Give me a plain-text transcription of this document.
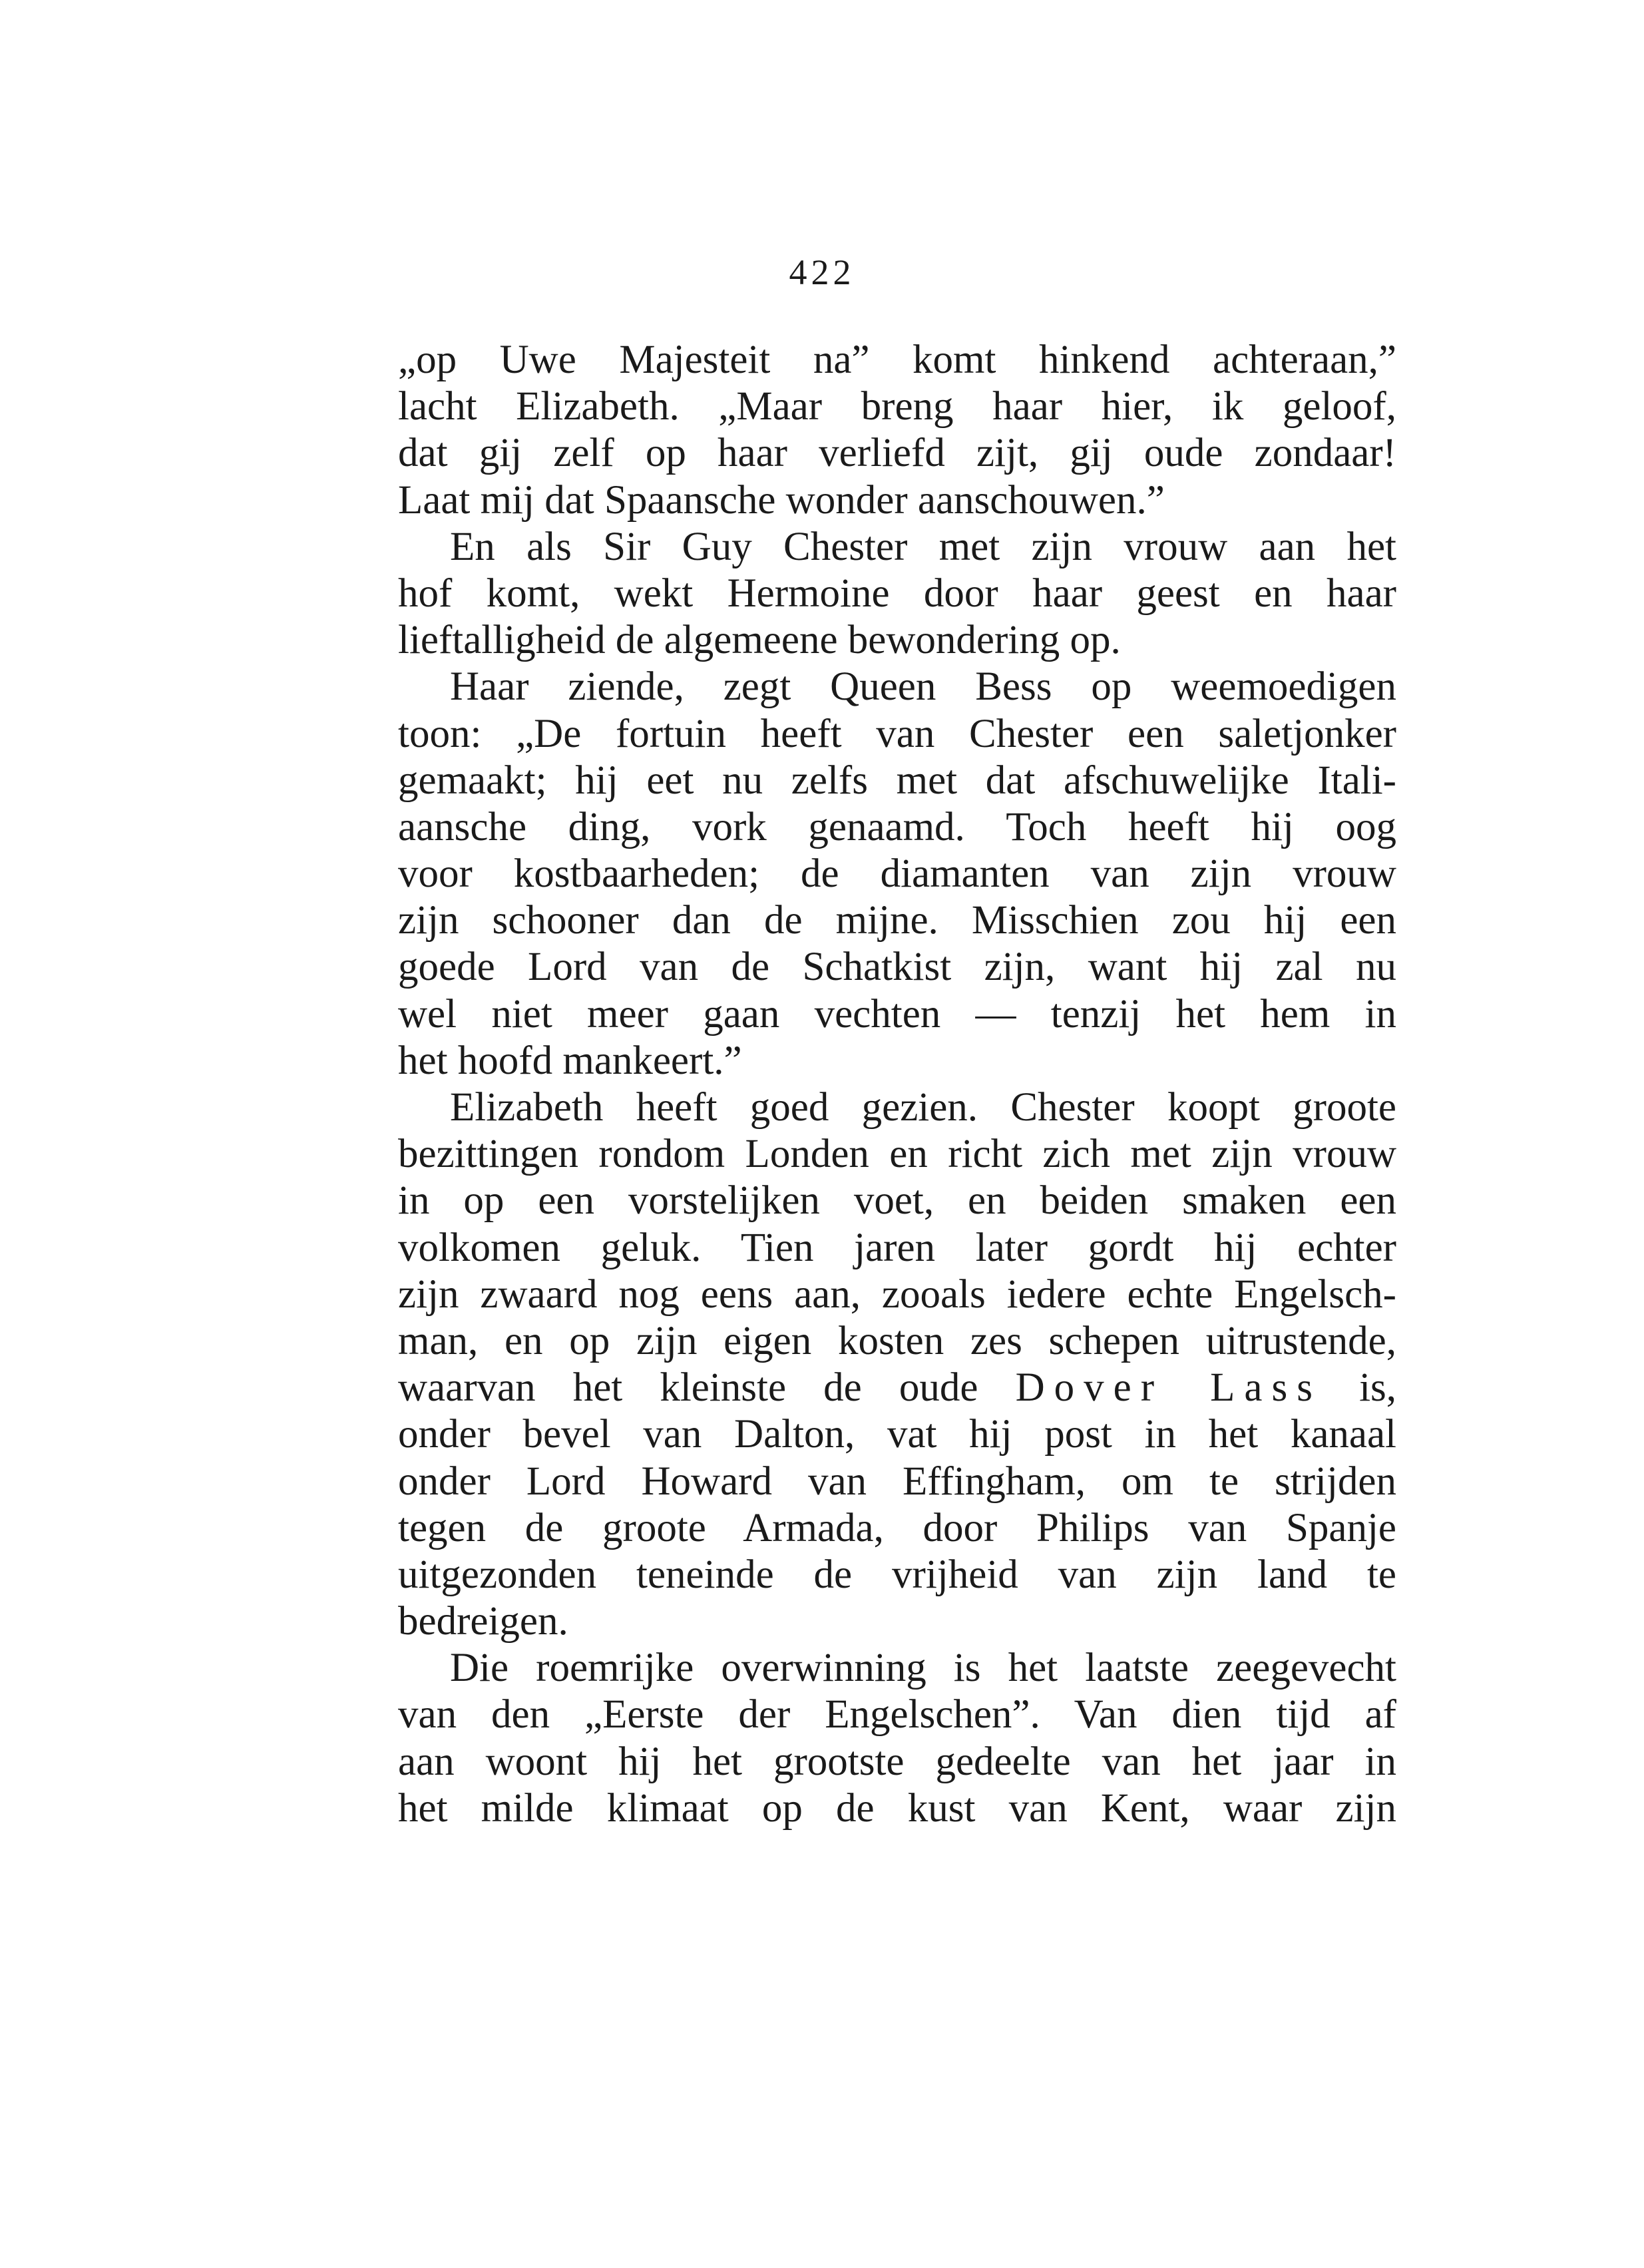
422
„op Uwe Majesteit na” komt hinkend achteraan,”
lacht Elizabeth. „Maar breng haar hier, ik geloof,
dat gij zelf op haar verliefd zijt, gij oude zondaar!
Laat mij dat Spaansche wonder aanschouwen.”
En als Sir Guy Chester met zijn vrouw aan het
hof komt, wekt Hermoine door haar geest en haar
lieftalligheid de algemeene bewondering op.
Haar ziende, zegt Queen Bess op weemoedigen
toon: „De fortuin heeft van Chester een saletjonker
gemaakt; hij eet nu zelfs met dat afschuwelijke Itali-
aansche ding, vork genaamd. Toch heeft hij oog
voor kostbaarheden; de diamanten van zijn vrouw
zijn schooner dan de mijne. Misschien zou hij een
goede Lord van de Schatkist zijn, want hij zal nu
wel niet meer gaan vechten — tenzij het hem in
het hoofd mankeert.”
Elizabeth heeft goed gezien. Chester koopt groote
bezittingen rondom Londen en richt zich met zijn vrouw
in op een vorstelijken voet, en beiden smaken een
volkomen geluk. Tien jaren later gordt hij echter
zijn zwaard nog eens aan, zooals iedere echte Engelsch-
man, en op zijn eigen kosten zes schepen uitrustende,
waarvan het kleinste de oude Dover Lass is,
onder bevel van Dalton, vat hij post in het kanaal
onder Lord Howard van Effingham, om te strijden
tegen de groote Armada, door Philips van Spanje
uitgezonden teneinde de vrijheid van zijn land te
bedreigen.
Die roemrijke overwinning is het laatste zeegevecht
van den „Eerste der Engelschen”. Van dien tijd af
aan woont hij het grootste gedeelte van het jaar in
het milde klimaat op de kust van Kent, waar zijn
